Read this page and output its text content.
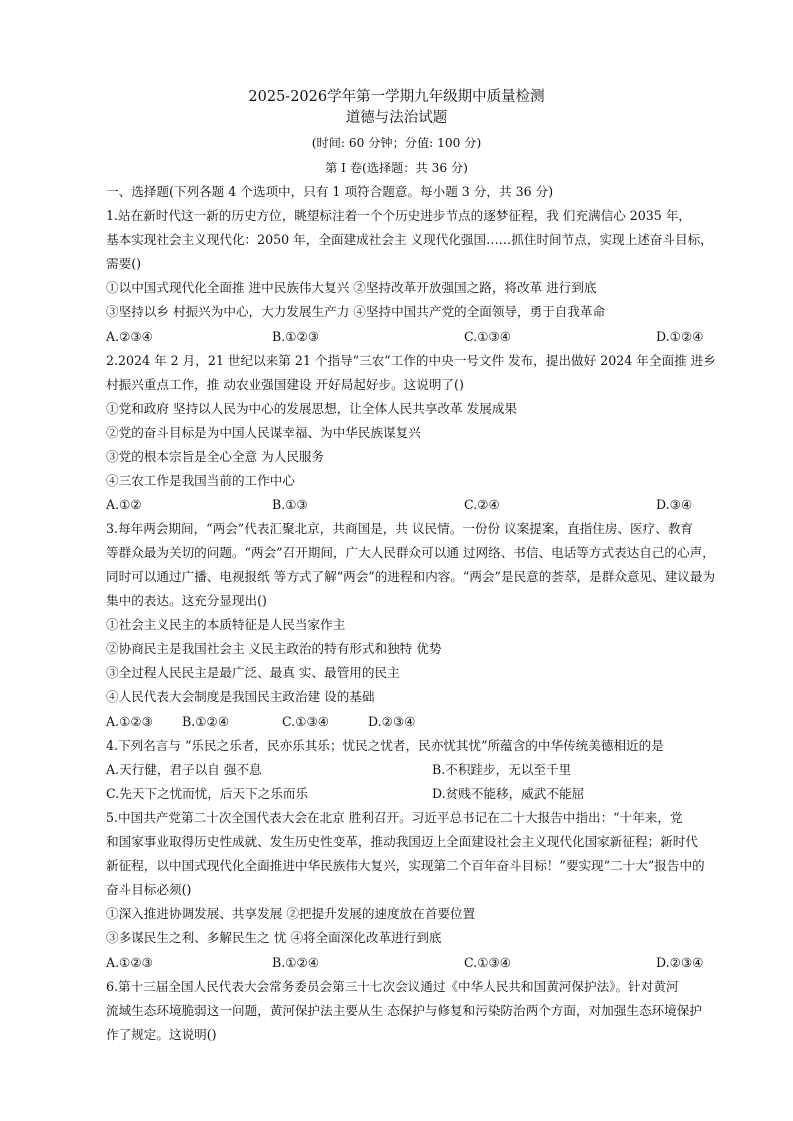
2025-2026学年第一学期九年级期中质量检测
道德与法治试题
(时间: 60 分钟；分值: 100 分)
第 I 卷(选择题：共 36 分)
一、选择题(下列各题 4 个选项中，只有 1 项符合题意。每小题 3 分，共 36 分)
1.站在新时代这一新的历史方位，眺望标注着一个个历史进步节点的逐梦征程，我 们充满信心 2035 年，
基本实现社会主义现代化：2050 年，全面建成社会主 义现代化强国……抓住时间节点，实现上述奋斗目标，
需要()
①以中国式现代化全面推 进中民族伟大复兴 ②坚持改革开放强国之路，将改革 进行到底
③坚持以乡 村振兴为中心，大力发展生产力 ④坚持中国共产党的全面领导，勇于自我革命
A.②③④	B.①②③	C.①③④	D.①②④
2.2024 年 2 月，21 世纪以来第 21 个指导“三农”工作的中央一号文件 发布，提出做好 2024 年全面推 进乡
村振兴重点工作，推 动农业强国建设 开好局起好步。这说明了()
①党和政府 坚持以人民为中心的发展思想，让全体人民共享改革 发展成果
②党的奋斗目标是为中国人民谋幸福、为中华民族谋复兴
③党的根本宗旨是全心全意 为人民服务
④三农工作是我国当前的工作中心
A.①②	B.①③	C.②④	D.③④
3.每年两会期间，“两会”代表汇聚北京，共商国是，共 议民情。一份份 议案提案，直指住房、医疗、教育
等群众最为关切的问题。“两会”召开期间，广大人民群众可以通 过网络、书信、电话等方式表达自己的心声，
同时可以通过广播、电视报纸 等方式了解“两会”的进程和内容。“两会”是民意的荟萃，是群众意见、建议最为
集中的表达。这充分显现出()
①社会主义民主的本质特征是人民当家作主
②协商民主是我国社会主 义民主政治的特有形式和独特 优势
③全过程人民民主是最广泛、最真 实、最管用的民主
④人民代表大会制度是我国民主政治建 设的基础
A.①②③ B.①②④	C.①③④	D.②③④
4.下列名言与 “乐民之乐者，民亦乐其乐；忧民之忧者，民亦忧其忧”所蕴含的中华传统美德相近的是
A.天行健，君子以自 强不息	B.不积跬步，无以至千里
C.先天下之忧而忧，后天下之乐而乐	D.贫贱不能移，威武不能屈
5.中国共产党第二十次全国代表大会在北京 胜利召开。习近平总书记在二十大报告中指出：“十年来，党
和国家事业取得历史性成就、发生历史性变革，推动我国迈上全面建设社会主义现代化国家新征程；新时代
新征程，以中国式现代化全面推进中华民族伟大复兴，实现第二个百年奋斗目标！”要实现“二十大”报告中的
奋斗目标必须()
①深入推进协调发展、共享发展 ②把提升发展的速度放在首要位置
③多谋民生之利、多解民生之 忧 ④将全面深化改革进行到底
A.①②③	B.①②④	C.①③④	D.②③④
6.第十三届全国人民代表大会常务委员会第三十七次会议通过《中华人民共和国黄河保护法》。针对黄河
流域生态环境脆弱这一问题，黄河保护法主要从生 态保护与修复和污染防治两个方面，对加强生态环境保护
作了规定。这说明()
